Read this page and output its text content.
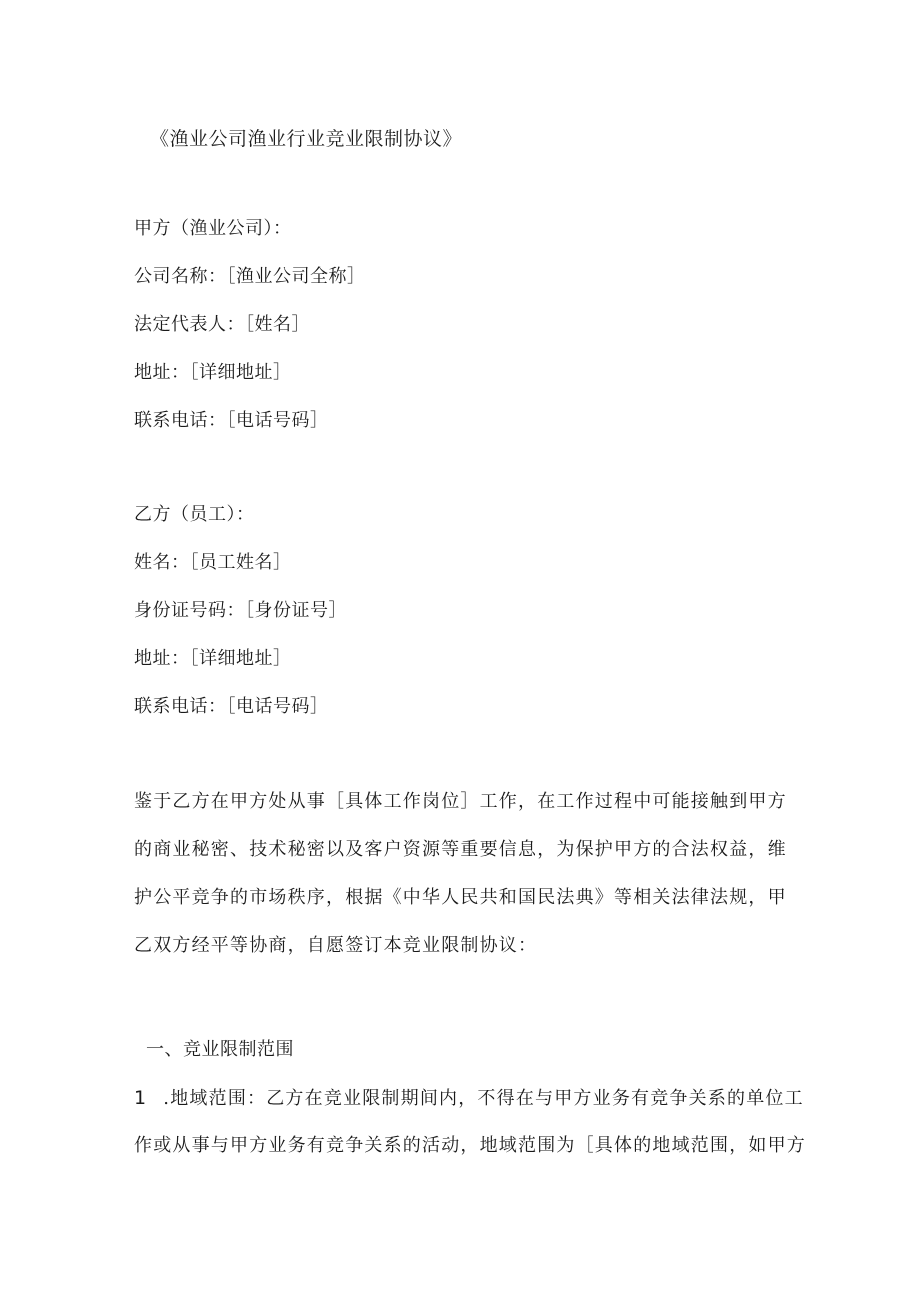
《渔业公司渔业行业竞业限制协议》
甲方（渔业公司）：
公司名称：［渔业公司全称］
法定代表人：［姓名］
地址：［详细地址］
联系电话：［电话号码］
乙方（员工）：
姓名：［员工姓名］
身份证号码：［身份证号］
地址：［详细地址］
联系电话：［电话号码］
鉴于乙方在甲方处从事［具体工作岗位］工作，在工作过程中可能接触到甲方
的商业秘密、技术秘密以及客户资源等重要信息，为保护甲方的合法权益，维
护公平竞争的市场秩序，根据《中华人民共和国民法典》等相关法律法规，甲
乙双方经平等协商，自愿签订本竞业限制协议：
一、竞业限制范围
1 .地域范围：乙方在竞业限制期间内，不得在与甲方业务有竞争关系的单位工
作或从事与甲方业务有竞争关系的活动，地域范围为［具体的地域范围，如甲方
